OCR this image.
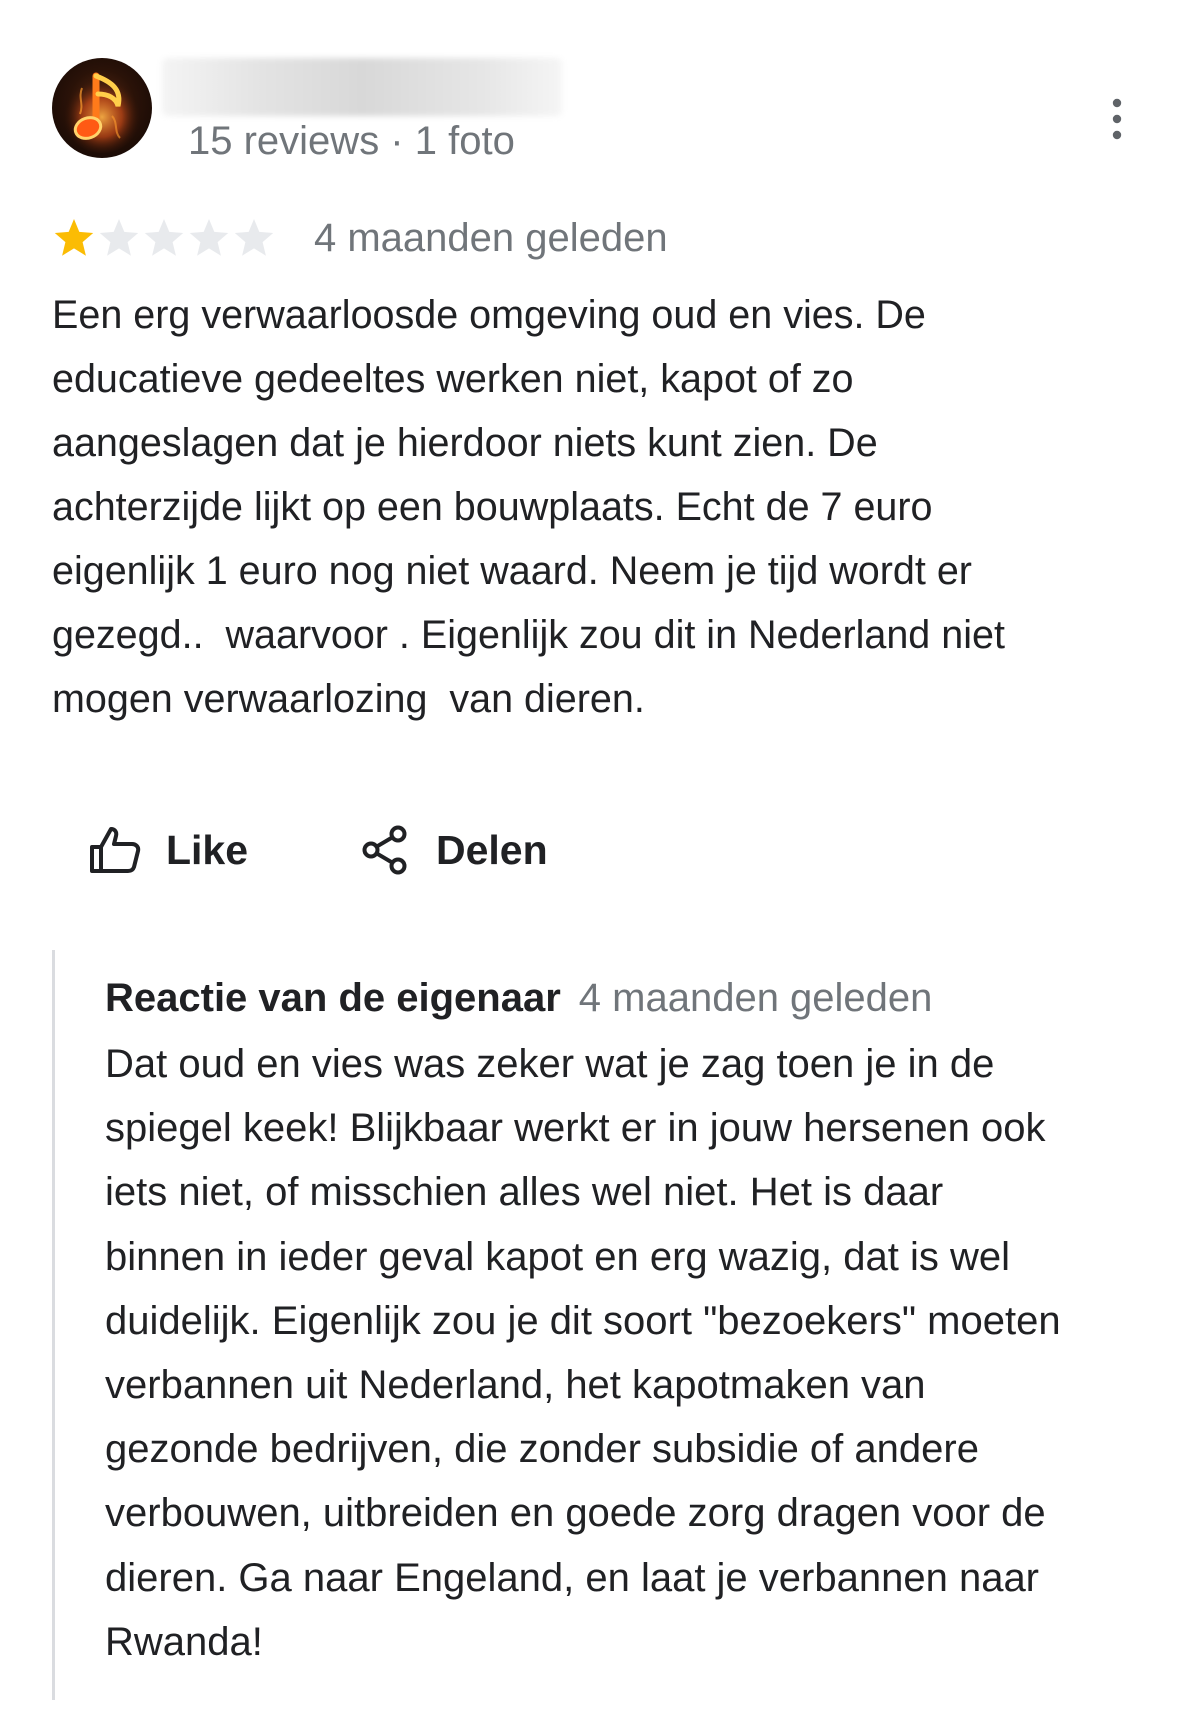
15 reviews · 1 foto
4 maanden geleden

Een erg verwaarloosde omgeving oud en vies. De
educatieve gedeeltes werken niet, kapot of zo
aangeslagen dat je hierdoor niets kunt zien. De
achterzijde lijkt op een bouwplaats. Echt de 7 euro
eigenlijk 1 euro nog niet waard. Neem je tijd wordt er
gezegd..  waarvoor . Eigenlijk zou dit in Nederland niet
mogen verwaarlozing  van dieren.

Like	Delen
Reactie van de eigenaar 4 maanden geleden

Dat oud en vies was zeker wat je zag toen je in de
spiegel keek! Blijkbaar werkt er in jouw hersenen ook
iets niet, of misschien alles wel niet. Het is daar
binnen in ieder geval kapot en erg wazig, dat is wel
duidelijk. Eigenlijk zou je dit soort "bezoekers" moeten
verbannen uit Nederland, het kapotmaken van
gezonde bedrijven, die zonder subsidie of andere
verbouwen, uitbreiden en goede zorg dragen voor de
dieren. Ga naar Engeland, en laat je verbannen naar
Rwanda!
